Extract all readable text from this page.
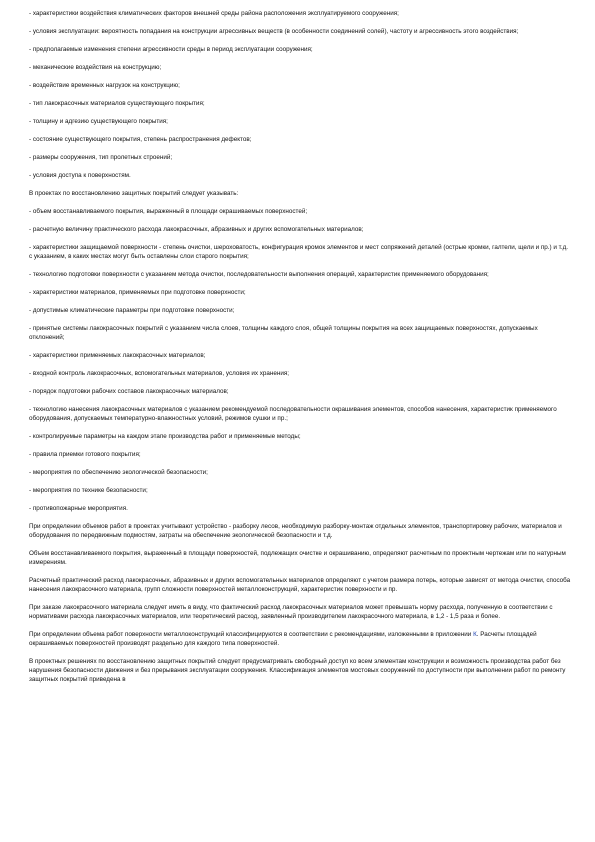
- характеристики воздействия климатических факторов внешней среды района расположения эксплуатируемого сооружения;

- условия эксплуатации: вероятность попадания на конструкции агрессивных веществ (в особенности соединений солей), частоту и агрессивность этого воздействия;

- предполагаемые изменения степени агрессивности среды в период эксплуатации сооружения;

- механические воздействия на конструкцию;

- воздействие временных нагрузок на конструкцию;

- тип лакокрасочных материалов существующего покрытия;

- толщину и адгезию существующего покрытия;

- состояние существующего покрытия, степень распространения дефектов;

- размеры сооружения, тип пролетных строений;

- условия доступа к поверхностям.

В проектах по восстановлению защитных покрытий следует указывать:

- объем восстанавливаемого покрытия, выраженный в площади окрашиваемых поверхностей;

- расчетную величину практического расхода лакокрасочных, абразивных и других вспомогательных материалов;

- характеристики защищаемой поверхности - степень очистки, шероховатость, конфигурация кромок элементов и мест сопряжений деталей (острые кромки, галтели, щели и пр.) и т.д. с указанием, в каких местах могут быть оставлены слои старого покрытия;

- технологию подготовки поверхности с указанием метода очистки, последовательности выполнения операций, характеристик применяемого оборудования;

- характеристики материалов, применяемых при подготовке поверхности;

- допустимые климатические параметры при подготовке поверхности;

- принятые системы лакокрасочных покрытий с указанием числа слоев, толщины каждого слоя, общей толщины покрытия на всех защищаемых поверхностях, допускаемых отклонений;

- характеристики применяемых лакокрасочных материалов;

- входной контроль лакокрасочных, вспомогательных материалов, условия их хранения;

- порядок подготовки рабочих составов лакокрасочных материалов;

- технологию нанесения лакокрасочных материалов с указанием рекомендуемой последовательности окрашивания элементов, способов нанесения, характеристик применяемого оборудования, допускаемых температурно-влажностных условий, режимов сушки и пр.;

- контролируемые параметры на каждом этапе производства работ и применяемые методы;

- правила приемки готового покрытия;

- мероприятия по обеспечению экологической безопасности;

- мероприятия по технике безопасности;

- противопожарные мероприятия.

При определении объемов работ в проектах учитывают устройство - разборку лесов, необходимую разборку-монтаж отдельных элементов, транспортировку рабочих, материалов и оборудования по передвижным подмостям, затраты на обеспечение экологической безопасности и т.д.

Объем восстанавливаемого покрытия, выраженный в площади поверхностей, подлежащих очистке и окрашиванию, определяют расчетным по проектным чертежам или по натурным измерениям.

Расчетный практический расход лакокрасочных, абразивных и других вспомогательных материалов определяют с учетом размера потерь, которые зависят от метода очистки, способа нанесения лакокрасочного материала, групп сложности поверхностей металлоконструкций, характеристик поверхности и пр.

При заказе лакокрасочного материала следует иметь в виду, что фактический расход лакокрасочных материалов может превышать норму расхода, полученную в соответствии с нормативами расхода лакокрасочных материалов, или теоретический расход, заявленный производителем лакокрасочного материала, в 1,2 - 1,5 раза и более.

При определении объема работ поверхности металлоконструкций классифицируются в соответствии с рекомендациями, изложенными в приложении К. Расчеты площадей окрашиваемых поверхностей производят раздельно для каждого типа поверхностей.

В проектных решениях по восстановлению защитных покрытий следует предусматривать свободный доступ ко всем элементам конструкции и возможность производства работ без нарушения безопасности движения и без прерывания эксплуатации сооружения. Классификация элементов мостовых сооружений по доступности при выполнении работ по ремонту защитных покрытий приведена в
